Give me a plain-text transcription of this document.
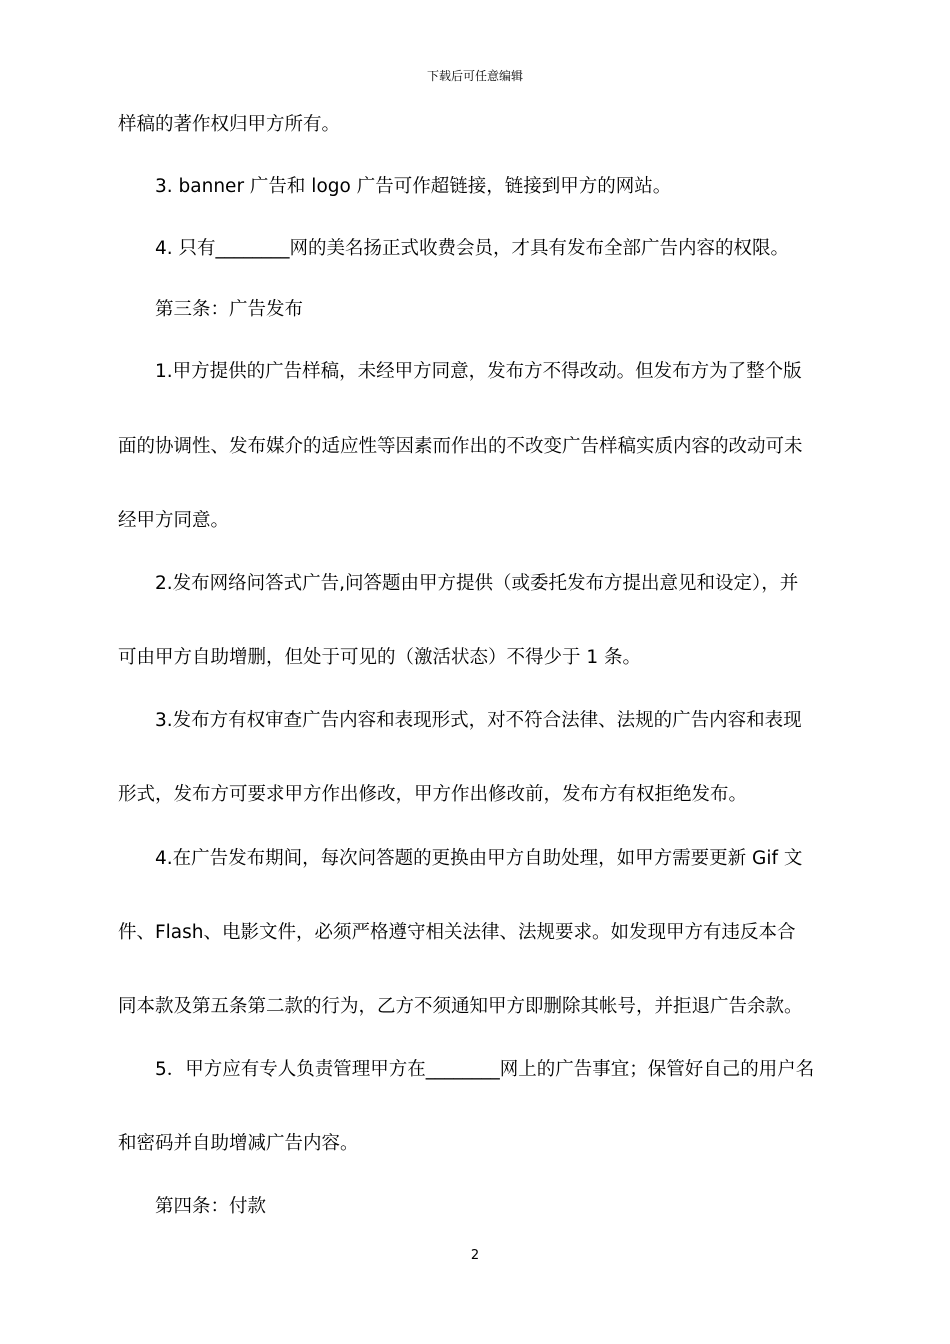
下载后可任意编辑
样稿的著作权归甲方所有。
3. banner 广告和 logo 广告可作超链接，链接到甲方的网站。
4. 只有________网的美名扬正式收费会员，才具有发布全部广告内容的权限。
第三条：广告发布
1.甲方提供的广告样稿，未经甲方同意，发布方不得改动。但发布方为了整个版
面的协调性、发布媒介的适应性等因素而作出的不改变广告样稿实质内容的改动可未
经甲方同意。
2.发布网络问答式广告,问答题由甲方提供（或委托发布方提出意见和设定），并
可由甲方自助增删，但处于可见的（激活状态）不得少于 1 条。
3.发布方有权审查广告内容和表现形式，对不符合法律、法规的广告内容和表现
形式，发布方可要求甲方作出修改，甲方作出修改前，发布方有权拒绝发布。
4.在广告发布期间，每次问答题的更换由甲方自助处理，如甲方需要更新 Gif 文
件、Flash、电影文件，必须严格遵守相关法律、法规要求。如发现甲方有违反本合
同本款及第五条第二款的行为，乙方不须通知甲方即删除其帐号，并拒退广告余款。
5．甲方应有专人负责管理甲方在________网上的广告事宜；保管好自己的用户名
和密码并自助增减广告内容。
第四条：付款
2
